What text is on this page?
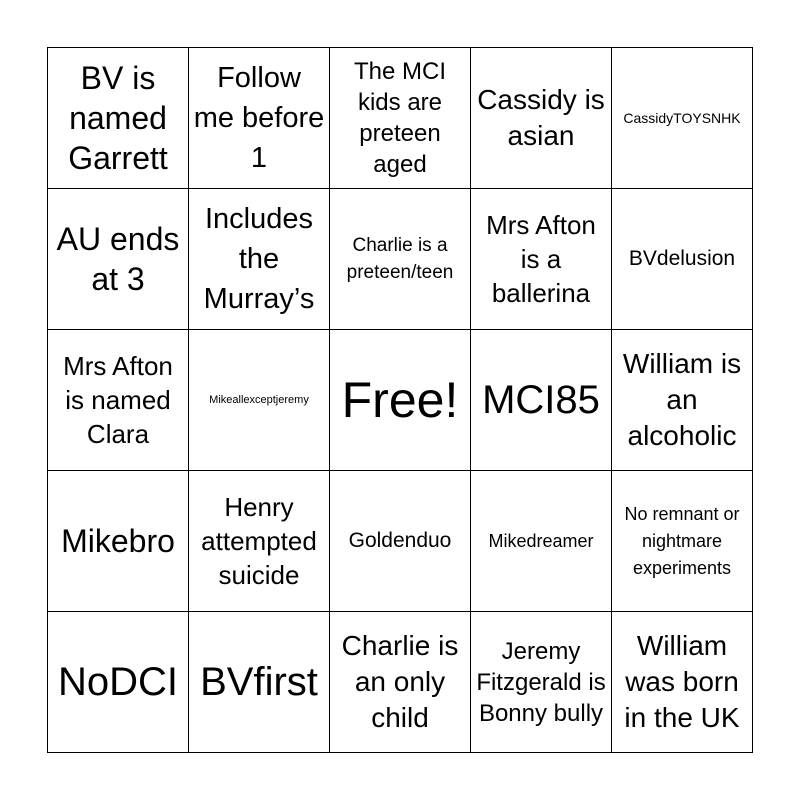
BV is named Garrett
Follow me before 1
The MCI kids are preteen aged
Cassidy is asian
CassidyTOYSNHK
AU ends at 3
Includes the Murray’s
Charlie is a preteen/teen
Mrs Afton is a ballerina
BVdelusion
Mrs Afton is named Clara
Mikeallexceptjeremy Free! MCI85
William is an alcoholic
Mikebro
Henry attempted suicide
Goldenduo Mikedreamer
No remnant or nightmare experiments
NoDCI BVfirst
Charlie is an only child
Jeremy Fitzgerald is Bonny bully
William was born in the UK
